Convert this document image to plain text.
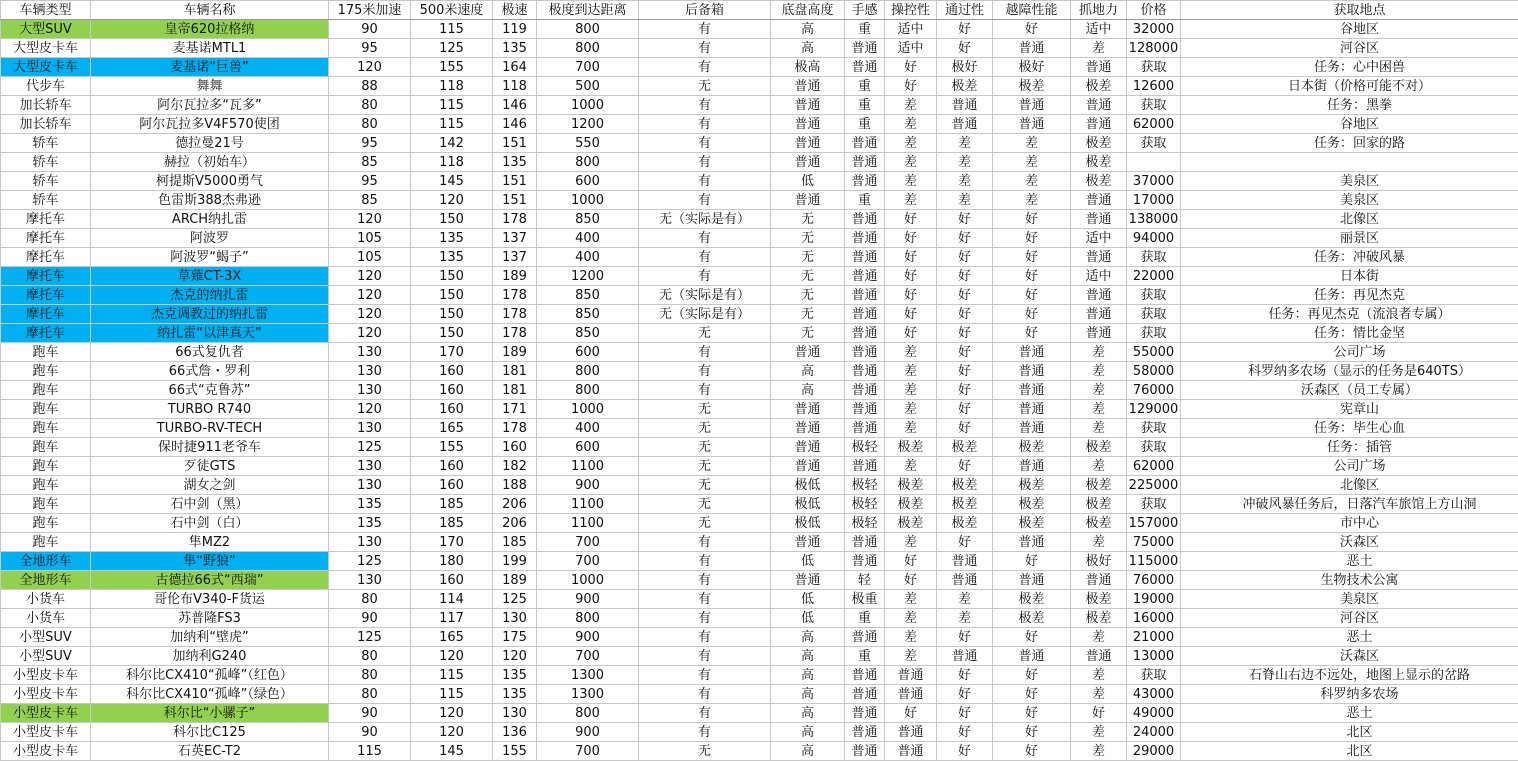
车辆类型	车辆名称	175米加速	500米速度	极速	极度到达距离	后备箱	底盘高度	手感	操控性	通过性	越障性能	抓地力	价格	获取地点
大型SUV	皇帝620拉格纳	90	115	119	800	有	高	重	适中	好	好	适中	32000	谷地区
大型皮卡车	麦基诺MTL1	95	125	135	800	有	高	普通	适中	好	普通	差	128000	河谷区
大型皮卡车	麦基诺“巨兽”	120	155	164	700	有	极高	普通	好	极好	极好	普通	获取	任务：心中困兽
代步车	舞舞	88	118	118	500	无	普通	重	好	极差	极差	极差	12600	日本街（价格可能不对）
加长轿车	阿尔瓦拉多“瓦多”	80	115	146	1000	有	普通	重	差	普通	普通	普通	获取	任务：黑拳
加长轿车	阿尔瓦拉多V4F570使团	80	115	146	1200	有	普通	重	差	普通	普通	普通	62000	谷地区
轿车	德拉曼21号	95	142	151	550	有	普通	普通	差	差	差	极差	获取	任务：回家的路
轿车	赫拉（初始车）	85	118	135	800	有	普通	普通	差	差	差	极差		
轿车	柯提斯V5000勇气	95	145	151	600	有	低	普通	差	差	差	极差	37000	美泉区
轿车	色雷斯388杰弗逊	85	120	151	1000	有	普通	重	差	差	差	普通	17000	美泉区
摩托车	ARCH纳扎雷	120	150	178	850	无（实际是有）	无	普通	好	好	好	普通	138000	北像区
摩托车	阿波罗	105	135	137	400	有	无	普通	好	好	好	适中	94000	丽景区
摩托车	阿波罗“蝎子”	105	135	137	400	有	无	普通	好	好	好	普通	获取	任务：冲破风暴
摩托车	草薙CT-3X	120	150	189	1200	有	无	普通	好	好	好	适中	22000	日本街
摩托车	杰克的纳扎雷	120	150	178	850	无（实际是有）	无	普通	好	好	好	普通	获取	任务：再见杰克
摩托车	杰克调教过的纳扎雷	120	150	178	850	无（实际是有）	无	普通	好	好	好	普通	获取	任务：再见杰克（流浪者专属）
摩托车	纳扎雷“以津真天”	120	150	178	850	无	无	普通	好	好	好	普通	获取	任务：情比金坚
跑车	66式复仇者	130	170	189	600	有	普通	普通	差	好	普通	差	55000	公司广场
跑车	66式詹・罗利	130	160	181	800	有	高	普通	差	好	普通	差	58000	科罗纳多农场（显示的任务是640TS）
跑车	66式“克鲁苏”	130	160	181	800	有	高	普通	差	好	普通	差	76000	沃森区（员工专属）
跑车	TURBO R740	120	160	171	1000	无	普通	普通	差	好	普通	差	129000	宪章山
跑车	TURBO-RV-TECH	130	165	178	400	无	普通	普通	差	好	普通	差	获取	任务：毕生心血
跑车	保时捷911老爷车	125	155	160	600	无	普通	极轻	极差	极差	极差	极差	获取	任务：插管
跑车	歹徒GTS	130	160	182	1100	无	普通	普通	差	好	普通	差	62000	公司广场
跑车	湖女之剑	130	160	188	900	无	极低	极轻	极差	极差	极差	极差	225000	北像区
跑车	石中剑（黑）	135	185	206	1100	无	极低	极轻	极差	极差	极差	极差	获取	冲破风暴任务后，日落汽车旅馆上方山洞
跑车	石中剑（白）	135	185	206	1100	无	极低	极轻	极差	极差	极差	极差	157000	市中心
跑车	隼MZ2	130	170	185	700	有	普通	普通	差	好	普通	差	75000	沃森区
全地形车	隼“野狼”	125	180	199	700	有	低	普通	好	普通	好	极好	115000	恶土
全地形车	古德拉66式“西瑞”	130	160	189	1000	有	普通	轻	好	普通	普通	普通	76000	生物技术公寓
小货车	哥伦布V340-F货运	80	114	125	900	有	低	极重	差	差	极差	极差	19000	美泉区
小货车	苏普隆FS3	90	117	130	800	有	低	重	差	差	极差	极差	16000	河谷区
小型SUV	加纳利“壁虎”	125	165	175	900	有	高	普通	差	好	好	差	21000	恶土
小型SUV	加纳利G240	80	120	120	700	有	高	重	差	普通	普通	普通	13000	沃森区
小型皮卡车	科尔比CX410“孤峰”（红色）	80	115	135	1300	有	高	普通	普通	好	好	差	获取	石脊山右边不远处，地图上显示的岔路
小型皮卡车	科尔比CX410“孤峰”（绿色）	80	115	135	1300	有	高	普通	普通	好	好	差	43000	科罗纳多农场
小型皮卡车	科尔比“小骡子”	90	120	130	800	有	高	普通	好	好	好	好	49000	恶土
小型皮卡车	科尔比C125	90	120	136	900	有	高	普通	普通	好	好	差	24000	北区
小型皮卡车	石英EC-T2	115	145	155	700	无	高	普通	普通	好	好	差	29000	北区
